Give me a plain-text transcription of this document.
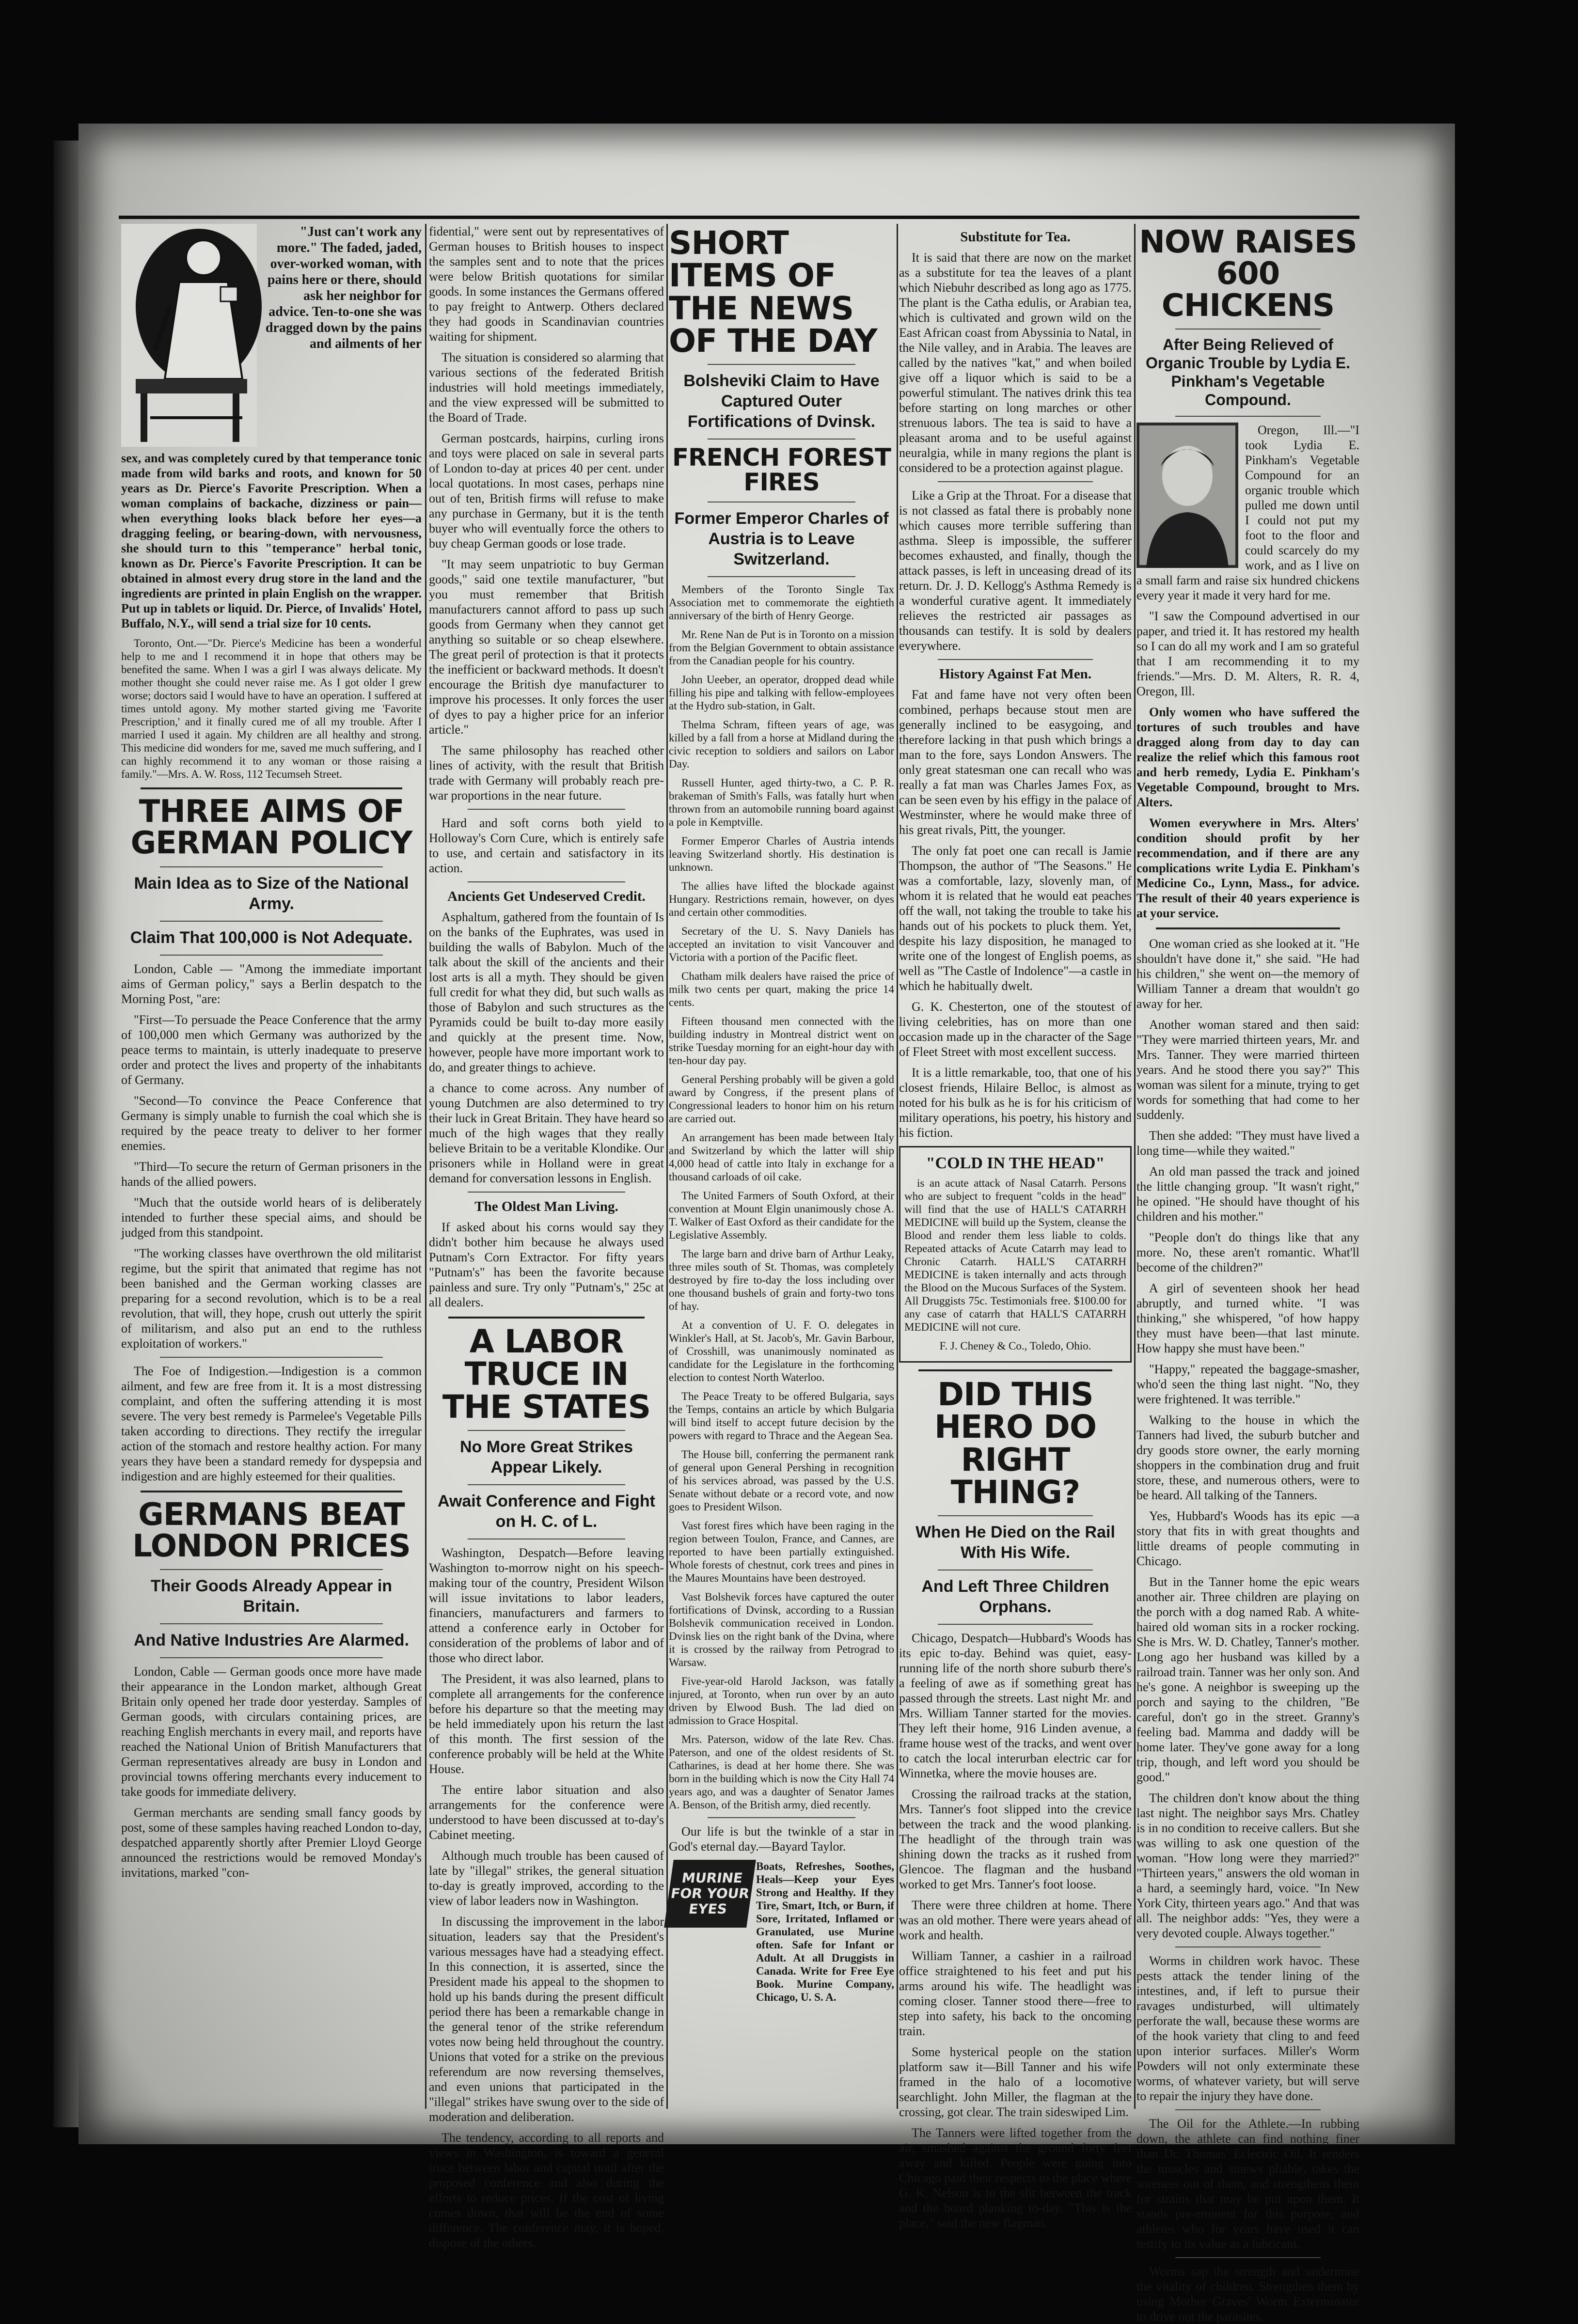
"Just can't work any more." The faded, jaded, over-worked woman, with pains here or there, should ask her neighbor for advice. Ten-to-one she was dragged down by the pains and ailments of her

sex, and was completely cured by that temperance tonic made from wild barks and roots, and known for 50 years as Dr. Pierce's Favorite Prescription. When a woman complains of backache, dizziness or pain—when everything looks black before her eyes—a dragging feeling, or bearing-down, with nervousness, she should turn to this "temperance" herbal tonic, known as Dr. Pierce's Favorite Prescription. It can be obtained in almost every drug store in the land and the ingredients are printed in plain English on the wrapper. Put up in tablets or liquid. Dr. Pierce, of Invalids' Hotel, Buffalo, N.Y., will send a trial size for 10 cents.

Toronto, Ont.—"Dr. Pierce's Medicine has been a wonderful help to me and I recommend it in hope that others may be benefited the same. When I was a girl I was always delicate. My mother thought she could never raise me. As I got older I grew worse; doctors said I would have to have an operation. I suffered at times untold agony. My mother started giving me 'Favorite Prescription,' and it finally cured me of all my trouble. After I married I used it again. My children are all healthy and strong. This medicine did wonders for me, saved me much suffering, and I can highly recommend it to any woman or those raising a family."—Mrs. A. W. Ross, 112 Tecumseh Street.

THREE AIMS OF GERMAN POLICY
Main Idea as to Size of the National Army.
Claim That 100,000 is Not Adequate.

London, Cable — "Among the immediate important aims of German policy," says a Berlin despatch to the Morning Post, "are:

"First—To persuade the Peace Conference that the army of 100,000 men which Germany was authorized by the peace terms to maintain, is utterly inadequate to preserve order and protect the lives and property of the inhabitants of Germany.

"Second—To convince the Peace Conference that Germany is simply unable to furnish the coal which she is required by the peace treaty to deliver to her former enemies.

"Third—To secure the return of German prisoners in the hands of the allied powers.

"Much that the outside world hears of is deliberately intended to further these special aims, and should be judged from this standpoint.

"The working classes have overthrown the old militarist regime, but the spirit that animated that regime has not been banished and the German working classes are preparing for a second revolution, which is to be a real revolution, that will, they hope, crush out utterly the spirit of militarism, and also put an end to the ruthless exploitation of workers."

The Foe of Indigestion.—Indigestion is a common ailment, and few are free from it. It is a most distressing complaint, and often the suffering attending it is most severe. The very best remedy is Parmelee's Vegetable Pills taken according to directions. They rectify the irregular action of the stomach and restore healthy action. For many years they have been a standard remedy for dyspepsia and indigestion and are highly esteemed for their qualities.

GERMANS BEAT LONDON PRICES
Their Goods Already Appear in Britain.
And Native Industries Are Alarmed.

London, Cable — German goods once more have made their appearance in the London market, although Great Britain only opened her trade door yesterday. Samples of German goods, with circulars containing prices, are reaching English merchants in every mail, and reports have reached the National Union of British Manufacturers that German representatives already are busy in London and provincial towns offering merchants every inducement to take goods for immediate delivery.

German merchants are sending small fancy goods by post, some of these samples having reached London to-day, despatched apparently shortly after Premier Lloyd George announced the restrictions would be removed Monday's invitations, marked "con-

fidential," were sent out by representatives of German houses to British houses to inspect the samples sent and to note that the prices were below British quotations for similar goods. In some instances the Germans offered to pay freight to Antwerp. Others declared they had goods in Scandinavian countries waiting for shipment.

The situation is considered so alarming that various sections of the federated British industries will hold meetings immediately, and the view expressed will be submitted to the Board of Trade.

German postcards, hairpins, curling irons and toys were placed on sale in several parts of London to-day at prices 40 per cent. under local quotations. In most cases, perhaps nine out of ten, British firms will refuse to make any purchase in Germany, but it is the tenth buyer who will eventually force the others to buy cheap German goods or lose trade.

"It may seem unpatriotic to buy German goods," said one textile manufacturer, "but you must remember that British manufacturers cannot afford to pass up such goods from Germany when they cannot get anything so suitable or so cheap elsewhere. The great peril of protection is that it protects the inefficient or backward methods. It doesn't encourage the British dye manufacturer to improve his processes. It only forces the user of dyes to pay a higher price for an inferior article."

The same philosophy has reached other lines of activity, with the result that British trade with Germany will probably reach pre-war proportions in the near future.

Hard and soft corns both yield to Holloway's Corn Cure, which is entirely safe to use, and certain and satisfactory in its action.

Ancients Get Undeserved Credit.

Asphaltum, gathered from the fountain of Is on the banks of the Euphrates, was used in building the walls of Babylon. Much of the talk about the skill of the ancients and their lost arts is all a myth. They should be given full credit for what they did, but such walls as those of Babylon and such structures as the Pyramids could be built to-day more easily and quickly at the present time. Now, however, people have more important work to do, and greater things to achieve.

a chance to come across. Any number of young Dutchmen are also determined to try their luck in Great Britain. They have heard so much of the high wages that they really believe Britain to be a veritable Klondike. Our prisoners while in Holland were in great demand for conversation lessons in English.

The Oldest Man Living.

If asked about his corns would say they didn't bother him because he always used Putnam's Corn Extractor. For fifty years "Putnam's" has been the favorite because painless and sure. Try only "Putnam's," 25c at all dealers.

A LABOR TRUCE IN THE STATES
No More Great Strikes Appear Likely.
Await Conference and Fight on H. C. of L.

Washington, Despatch—Before leaving Washington to-morrow night on his speech-making tour of the country, President Wilson will issue invitations to labor leaders, financiers, manufacturers and farmers to attend a conference early in October for consideration of the problems of labor and of those who direct labor.

The President, it was also learned, plans to complete all arrangements for the conference before his departure so that the meeting may be held immediately upon his return the last of this month. The first session of the conference probably will be held at the White House.

The entire labor situation and also arrangements for the conference were understood to have been discussed at to-day's Cabinet meeting.

Although much trouble has been caused of late by "illegal" strikes, the general situation to-day is greatly improved, according to the view of labor leaders now in Washington.

In discussing the improvement in the labor situation, leaders say that the President's various messages have had a steadying effect. In this connection, it is asserted, since the President made his appeal to the shopmen to hold up his bands during the present difficult period there has been a remarkable change in the general tenor of the strike referendum votes now being held throughout the country. Unions that voted for a strike on the previous referendum are now reversing themselves, and even unions that participated in the "illegal" strikes have swung over to the side of moderation and deliberation.

The tendency, according to all reports and views in Washington, is toward a general truce between labor and capital until after the proposed conference and also during the efforts to reduce prices. If the cost of living comes down, that will be the end of some difference. The conference may, it is hoped, dispose of the others.

SHORT ITEMS OF THE NEWS OF THE DAY
Bolsheviki Claim to Have Captured Outer Fortifications of Dvinsk.
FRENCH FOREST FIRES
Former Emperor Charles of Austria is to Leave Switzerland.

Members of the Toronto Single Tax Association met to commemorate the eightieth anniversary of the birth of Henry George.

Mr. Rene Nan de Put is in Toronto on a mission from the Belgian Government to obtain assistance from the Canadian people for his country.

John Ueeber, an operator, dropped dead while filling his pipe and talking with fellow-employees at the Hydro sub-station, in Galt.

Thelma Schram, fifteen years of age, was killed by a fall from a horse at Midland during the civic reception to soldiers and sailors on Labor Day.

Russell Hunter, aged thirty-two, a C. P. R. brakeman of Smith's Falls, was fatally hurt when thrown from an automobile running board against a pole in Kemptville.

Former Emperor Charles of Austria intends leaving Switzerland shortly. His destination is unknown.

The allies have lifted the blockade against Hungary. Restrictions remain, however, on dyes and certain other commodities.

Secretary of the U. S. Navy Daniels has accepted an invitation to visit Vancouver and Victoria with a portion of the Pacific fleet.

Chatham milk dealers have raised the price of milk two cents per quart, making the price 14 cents.

Fifteen thousand men connected with the building industry in Montreal district went on strike Tuesday morning for an eight-hour day with ten-hour day pay.

General Pershing probably will be given a gold award by Congress, if the present plans of Congressional leaders to honor him on his return are carried out.

An arrangement has been made between Italy and Switzerland by which the latter will ship 4,000 head of cattle into Italy in exchange for a thousand carloads of oil cake.

The United Farmers of South Oxford, at their convention at Mount Elgin unanimously chose A. T. Walker of East Oxford as their candidate for the Legislative Assembly.

The large barn and drive barn of Arthur Leaky, three miles south of St. Thomas, was completely destroyed by fire to-day the loss including over one thousand bushels of grain and forty-two tons of hay.

At a convention of U. F. O. delegates in Winkler's Hall, at St. Jacob's, Mr. Gavin Barbour, of Crosshill, was unanimously nominated as candidate for the Legislature in the forthcoming election to contest North Waterloo.

The Peace Treaty to be offered Bulgaria, says the Temps, contains an article by which Bulgaria will bind itself to accept future decision by the powers with regard to Thrace and the Aegean Sea.

The House bill, conferring the permanent rank of general upon General Pershing in recognition of his services abroad, was passed by the U.S. Senate without debate or a record vote, and now goes to President Wilson.

Vast forest fires which have been raging in the region between Toulon, France, and Cannes, are reported to have been partially extinguished. Whole forests of chestnut, cork trees and pines in the Maures Mountains have been destroyed.

Vast Bolshevik forces have captured the outer fortifications of Dvinsk, according to a Russian Bolshevik communication received in London. Dvinsk lies on the right bank of the Dvina, where it is crossed by the railway from Petrograd to Warsaw.

Five-year-old Harold Jackson, was fatally injured, at Toronto, when run over by an auto driven by Elwood Bush. The lad died on admission to Grace Hospital.

Mrs. Paterson, widow of the late Rev. Chas. Paterson, and one of the oldest residents of St. Catharines, is dead at her home there. She was born in the building which is now the City Hall 74 years ago, and was a daughter of Senator James A. Benson, of the British army, died recently.

Our life is but the twinkle of a star in God's eternal day.—Bayard Taylor.

MURINE FOR YOUR EYES

Boats, Refreshes, Soothes, Heals—Keep your Eyes Strong and Healthy. If they Tire, Smart, Itch, or Burn, if Sore, Irritated, Inflamed or Granulated, use Murine often. Safe for Infant or Adult. At all Druggists in Canada. Write for Free Eye Book. Murine Company, Chicago, U. S. A.

Substitute for Tea.

It is said that there are now on the market as a substitute for tea the leaves of a plant which Niebuhr described as long ago as 1775. The plant is the Catha edulis, or Arabian tea, which is cultivated and grown wild on the East African coast from Abyssinia to Natal, in the Nile valley, and in Arabia. The leaves are called by the natives "kat," and when boiled give off a liquor which is said to be a powerful stimulant. The natives drink this tea before starting on long marches or other strenuous labors. The tea is said to have a pleasant aroma and to be useful against neuralgia, while in many regions the plant is considered to be a protection against plague.

Like a Grip at the Throat. For a disease that is not classed as fatal there is probably none which causes more terrible suffering than asthma. Sleep is impossible, the sufferer becomes exhausted, and finally, though the attack passes, is left in unceasing dread of its return. Dr. J. D. Kellogg's Asthma Remedy is a wonderful curative agent. It immediately relieves the restricted air passages as thousands can testify. It is sold by dealers everywhere.

History Against Fat Men.

Fat and fame have not very often been combined, perhaps because stout men are generally inclined to be easygoing, and therefore lacking in that push which brings a man to the fore, says London Answers. The only great statesman one can recall who was really a fat man was Charles James Fox, as can be seen even by his effigy in the palace of Westminster, where he would make three of his great rivals, Pitt, the younger.

The only fat poet one can recall is Jamie Thompson, the author of "The Seasons." He was a comfortable, lazy, slovenly man, of whom it is related that he would eat peaches off the wall, not taking the trouble to take his hands out of his pockets to pluck them. Yet, despite his lazy disposition, he managed to write one of the longest of English poems, as well as "The Castle of Indolence"—a castle in which he habitually dwelt.

G. K. Chesterton, one of the stoutest of living celebrities, has on more than one occasion made up in the character of the Sage of Fleet Street with most excellent success.

It is a little remarkable, too, that one of his closest friends, Hilaire Belloc, is almost as noted for his bulk as he is for his criticism of military operations, his poetry, his history and his fiction.

"COLD IN THE HEAD"

is an acute attack of Nasal Catarrh. Persons who are subject to frequent "colds in the head" will find that the use of HALL'S CATARRH MEDICINE will build up the System, cleanse the Blood and render them less liable to colds. Repeated attacks of Acute Catarrh may lead to Chronic Catarrh. HALL'S CATARRH MEDICINE is taken internally and acts through the Blood on the Mucous Surfaces of the System. All Druggists 75c. Testimonials free. $100.00 for any case of catarrh that HALL'S CATARRH MEDICINE will not cure.

F. J. Cheney & Co., Toledo, Ohio.

DID THIS HERO DO RIGHT THING?
When He Died on the Rail With His Wife.
And Left Three Children Orphans.

Chicago, Despatch—Hubbard's Woods has its epic to-day. Behind was quiet, easy-running life of the north shore suburb there's a feeling of awe as if something great has passed through the streets. Last night Mr. and Mrs. William Tanner started for the movies. They left their home, 916 Linden avenue, a frame house west of the tracks, and went over to catch the local interurban electric car for Winnetka, where the movie houses are.

Crossing the railroad tracks at the station, Mrs. Tanner's foot slipped into the crevice between the track and the wood planking. The headlight of the through train was shining down the tracks as it rushed from Glencoe. The flagman and the husband worked to get Mrs. Tanner's foot loose.

There were three children at home. There was an old mother. There were years ahead of work and health.

William Tanner, a cashier in a railroad office straightened to his feet and put his arms around his wife. The headlight was coming closer. Tanner stood there—free to step into safety, his back to the oncoming train.

Some hysterical people on the station platform saw it—Bill Tanner and his wife framed in the halo of a locomotive searchlight. John Miller, the flagman at the crossing, got clear. The train sideswiped Lim.

The Tanners were lifted together from the air, smashed against the ground forty feet away and killed. People were going into Chicago paid their respects to the place where G. K. Nelson is to the slit between the track and the board planking to-day. "This is the place," said the new flagman.

NOW RAISES 600 CHICKENS
After Being Relieved of Organic Trouble by Lydia E. Pinkham's Vegetable Compound.

Oregon, Ill.—"I took Lydia E. Pinkham's Vegetable Compound for an organic trouble which pulled me down until I could not put my foot to the floor and could scarcely do my work, and as I live on a small farm and raise six hundred chickens every year it made it very hard for me.

"I saw the Compound advertised in our paper, and tried it. It has restored my health so I can do all my work and I am so grateful that I am recommending it to my friends."—Mrs. D. M. Alters, R. R. 4, Oregon, Ill.

Only women who have suffered the tortures of such troubles and have dragged along from day to day can realize the relief which this famous root and herb remedy, Lydia E. Pinkham's Vegetable Compound, brought to Mrs. Alters.

Women everywhere in Mrs. Alters' condition should profit by her recommendation, and if there are any complications write Lydia E. Pinkham's Medicine Co., Lynn, Mass., for advice. The result of their 40 years experience is at your service.

One woman cried as she looked at it. "He shouldn't have done it," she said. "He had his children," she went on—the memory of William Tanner a dream that wouldn't go away for her.

Another woman stared and then said: "They were married thirteen years, Mr. and Mrs. Tanner. They were married thirteen years. And he stood there you say?" This woman was silent for a minute, trying to get words for something that had come to her suddenly.

Then she added: "They must have lived a long time—while they waited."

An old man passed the track and joined the little changing group. "It wasn't right," he opined. "He should have thought of his children and his mother."

"People don't do things like that any more. No, these aren't romantic. What'll become of the children?"

A girl of seventeen shook her head abruptly, and turned white. "I was thinking," she whispered, "of how happy they must have been—that last minute. How happy she must have been."

"Happy," repeated the baggage-smasher, who'd seen the thing last night. "No, they were frightened. It was terrible."

Walking to the house in which the Tanners had lived, the suburb butcher and dry goods store owner, the early morning shoppers in the combination drug and fruit store, these, and numerous others, were to be heard. All talking of the Tanners.

Yes, Hubbard's Woods has its epic —a story that fits in with great thoughts and little dreams of people commuting in Chicago.

But in the Tanner home the epic wears another air. Three children are playing on the porch with a dog named Rab. A white-haired old woman sits in a rocker rocking. She is Mrs. W. D. Chatley, Tanner's mother. Long ago her husband was killed by a railroad train. Tanner was her only son. And he's gone. A neighbor is sweeping up the porch and saying to the children, "Be careful, don't go in the street. Granny's feeling bad. Mamma and daddy will be home later. They've gone away for a long trip, though, and left word you should be good."

The children don't know about the thing last night. The neighbor says Mrs. Chatley is in no condition to receive callers. But she was willing to ask one question of the woman. "How long were they married?" "Thirteen years," answers the old woman in a hard, a seemingly hard, voice. "In New York City, thirteen years ago." And that was all. The neighbor adds: "Yes, they were a very devoted couple. Always together."

Worms in children work havoc. These pests attack the tender lining of the intestines, and, if left to pursue their ravages undisturbed, will ultimately perforate the wall, because these worms are of the hook variety that cling to and feed upon interior surfaces. Miller's Worm Powders will not only exterminate these worms, of whatever variety, but will serve to repair the injury they have done.

The Oil for the Athlete.—In rubbing down, the athlete can find nothing finer than Dr. Thomas' Eclectric Oil. It renders the muscles and sinews pliable, takes the soreness out of them, and strengthens them for strains that may be put upon them. It stands pre-eminent for this purpose, and athletes who for years have used it can testify to its value as a lubricant.

Worms sap the strength and undermine the vitality of children. Strengthen them by using Mother Graves' Worm Exterminator to drive out the parasites.
